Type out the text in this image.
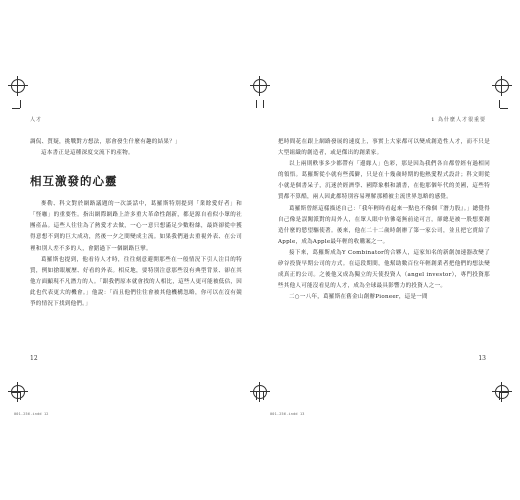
人才

調侃、質疑，挑戰對方想法，那會發生什麼有趣的結果？」

這本書正是這種深度交流下的產物。

相互激發的心靈

麥勒、科文對於網路議題的一次談話中，葛羅斯特別提到「業餘愛好者」和「怪咖」的重要性。指出網際網路上許多重大革命性創新，都是源自看似小眾的社團產品。這些人往往為了熱愛才去做，一心一意只想滿足少數粉絲，最終卻從中獲得意想不到的巨大成功，然後一夕之間變成主流。如果我們過去重視外表、在公司裡和別人差不多的人，會錯過下一個網路巨擘。

葛羅斯也提到，他看待人才時，往往刻意避開那些在一般情況下引人注目的特質，例如搶眼履歷、好看的外表。相反地，要特別注意那些沒有典型背景、卻在其他方面顯現不凡潛力的人。「跟我們原本就會找的人相比，這些人更可能被低估，因此也代表更大的機會。」他說：「而且他們往往會被其他機構忽略，你可以在沒有競爭的情況下找到他們。」

12
001-256.indd 12
1 為什麼人才很重要

把時間花在跟上網路發展的速度上，事實上大家都可以變成創造性人才，而不只是大型組織的創造者，或是傑出的創業家。

以上兩則軼事多少都帶有「邊緣人」色彩，那是因為我們各自都曾經有過相同的領悟。葛羅斯從小就有些孤僻，只是在十幾歲時期的他熱愛程式設計；科文則從小就是個書呆子，沉迷於經濟學、國際象棋和讀書，在他那個年代的美國，這些特質都不算酷，兩人因此都特別容易理解那種被主流世界忽略的感覺。

葛羅斯曾經這樣描述自己：「我年輕時看起來一點也不像個『潛力股』。」總覺得自己像是誤闖派對的局外人，在眾人眼中彷彿毫無前途可言，卻總是被一股想要創造什麼的慾望驅使著。後來，他在二十二歲時創辦了第一家公司，並且把它賣給了Apple，成為Apple最年輕的收購案之一。

接下來，葛羅斯成為Y Combinator的合夥人，這家知名的新創加速器改變了矽谷投資早期公司的方式。在這段期間，他幫助數百位年輕創業者把他們的想法變成真正的公司。之後他又成為獨立的天使投資人（angel investor），專門投資那些其他人可能沒看見的人才，成為全球最具影響力的投資人之一。

二○一八年，葛羅斯在舊金山創辦Pioneer，這是一間

13
001-256.indd 13
